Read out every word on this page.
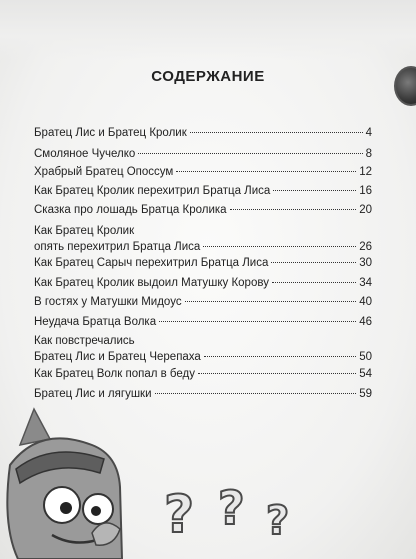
СОДЕРЖАНИЕ
Братец Лис и Братец Кролик	4
Смоляное Чучелко	8
Храбрый Братец Опоссум	12
Как Братец Кролик перехитрил Братца Лиса	16
Сказка про лошадь Братца Кролика	20
Как Братец Кролик
опять перехитрил Братца Лиса	26
Как Братец Сарыч перехитрил Братца Лиса	30
Как Братец Кролик выдоил Матушку Корову	34
В гостях у Матушки Мидоус	40
Неудача Братца Волка	46
Как повстречались
Братец Лис и Братец Черепаха	50
Как Братец Волк попал в беду	54
Братец Лис и лягушки	59
? ? ?
